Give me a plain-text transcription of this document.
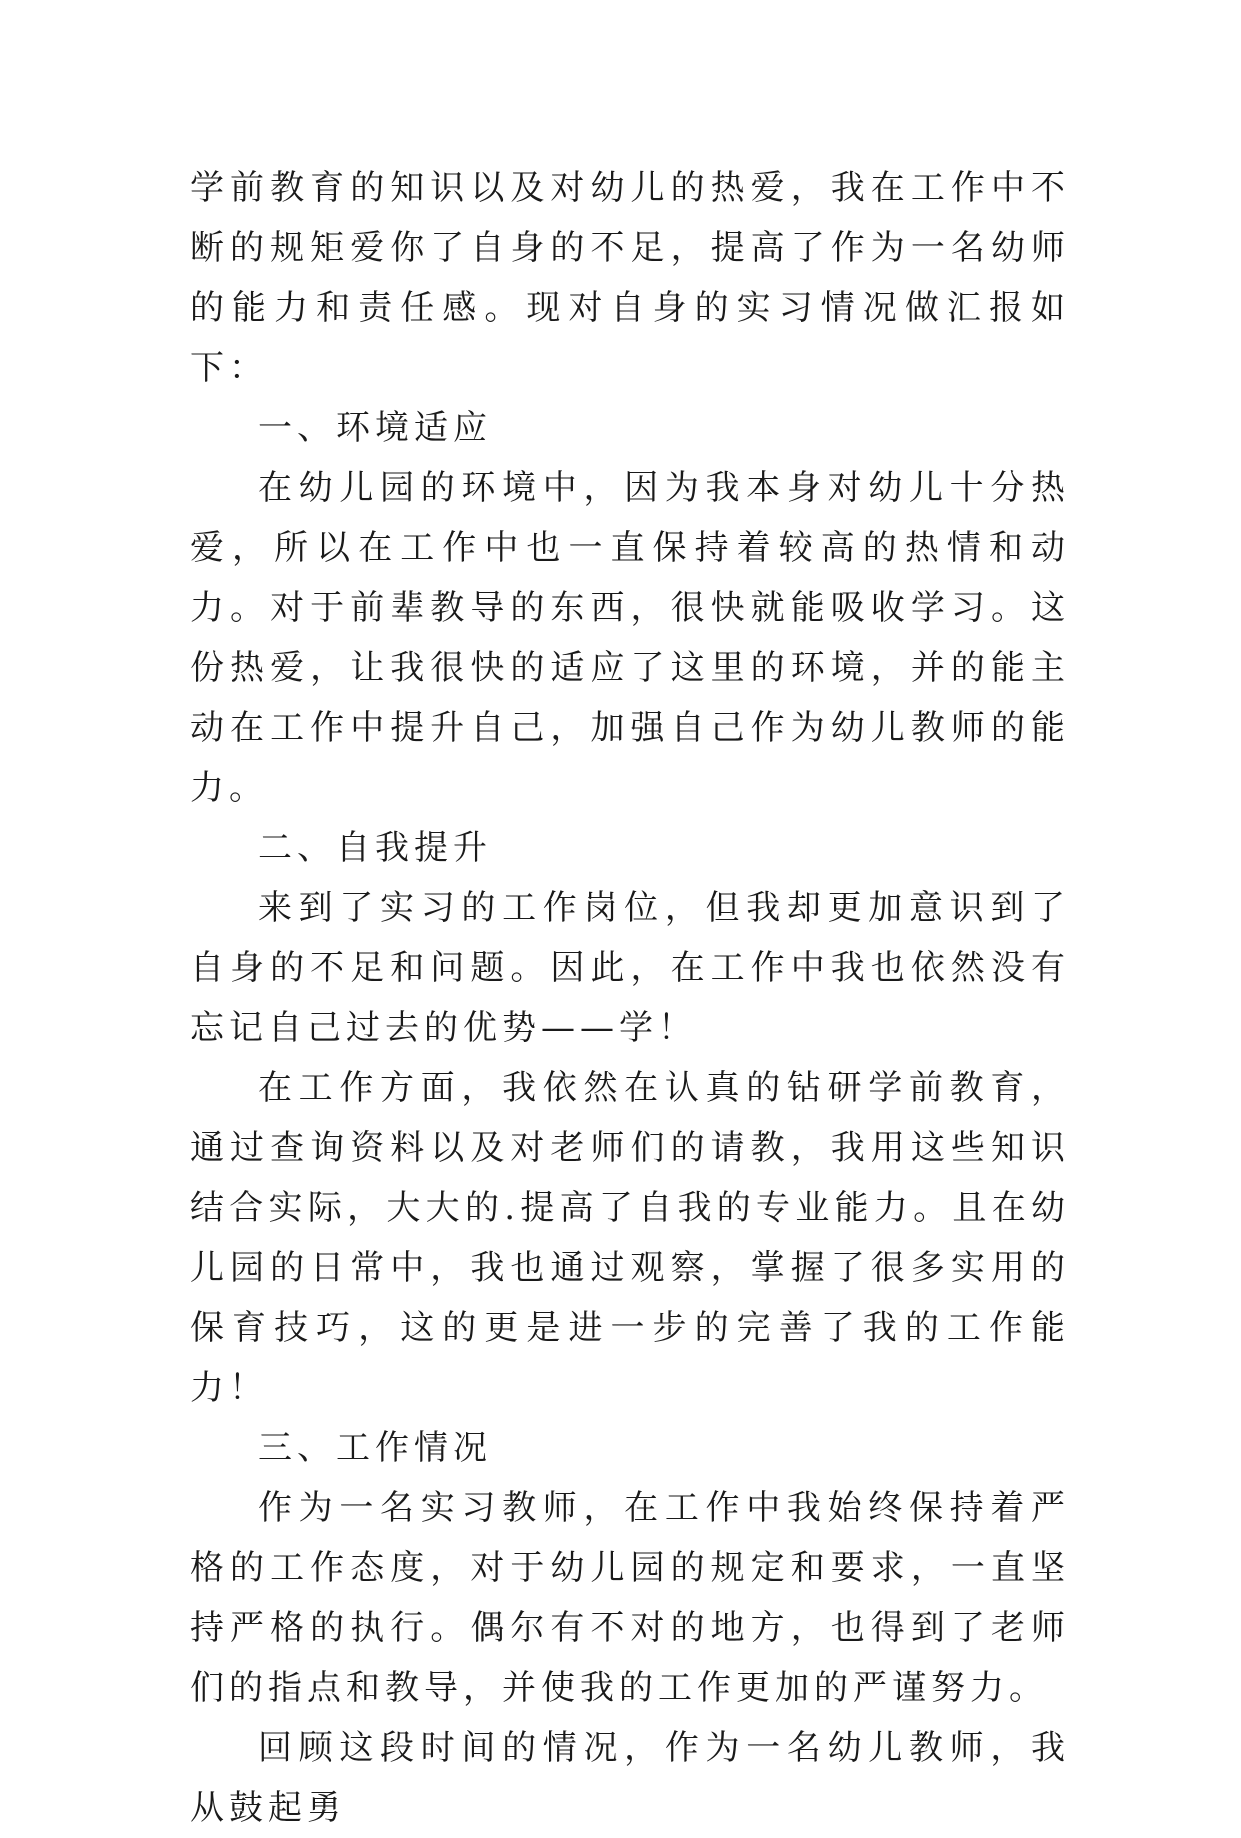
学前教育的知识以及对幼儿的热爱，我在工作中不断的规矩爱你了自身的不足，提高了作为一名幼师的能力和责任感。现对自身的实习情况做汇报如下：

一、环境适应

在幼儿园的环境中，因为我本身对幼儿十分热爱，所以在工作中也一直保持着较高的热情和动力。对于前辈教导的东西，很快就能吸收学习。这份热爱，让我很快的适应了这里的环境，并的能主动在工作中提升自己，加强自己作为幼儿教师的能力。

二、自我提升

来到了实习的工作岗位，但我却更加意识到了自身的不足和问题。因此，在工作中我也依然没有忘记自己过去的优势——学！

在工作方面，我依然在认真的钻研学前教育，通过查询资料以及对老师们的请教，我用这些知识结合实际，大大的.提高了自我的专业能力。且在幼儿园的日常中，我也通过观察，掌握了很多实用的保育技巧，这的更是进一步的完善了我的工作能力！

三、工作情况

作为一名实习教师，在工作中我始终保持着严格的工作态度，对于幼儿园的规定和要求，一直坚持严格的执行。偶尔有不对的地方，也得到了老师们的指点和教导，并使我的工作更加的严谨努力。

回顾这段时间的情况，作为一名幼儿教师，我从鼓起勇
